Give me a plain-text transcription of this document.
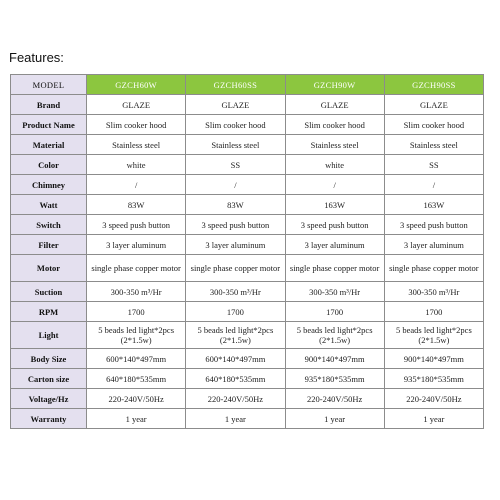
Features:
MODEL	GZCH60W	GZCH60SS	GZCH90W	GZCH90SS
Brand	GLAZE	GLAZE	GLAZE	GLAZE
Product Name	Slim cooker hood	Slim cooker hood	Slim cooker hood	Slim cooker hood
Material	Stainless steel	Stainless steel	Stainless steel	Stainless steel
Color	white	SS	white	SS
Chimney	/	/	/	/
Watt	83W	83W	163W	163W
Switch	3 speed push button	3 speed push button	3 speed push button	3 speed push button
Filter	3 layer aluminum	3 layer aluminum	3 layer aluminum	3 layer aluminum
Motor	single phase copper motor	single phase copper motor	single phase copper motor	single phase copper motor
Suction	300-350 m³/Hr	300-350 m³/Hr	300-350 m³/Hr	300-350 m³/Hr
RPM	1700	1700	1700	1700
Light	5 beads led light*2pcs (2*1.5w)	5 beads led light*2pcs (2*1.5w)	5 beads led light*2pcs (2*1.5w)	5 beads led light*2pcs (2*1.5w)
Body Size	600*140*497mm	600*140*497mm	900*140*497mm	900*140*497mm
Carton size	640*180*535mm	640*180*535mm	935*180*535mm	935*180*535mm
Voltage/Hz	220-240V/50Hz	220-240V/50Hz	220-240V/50Hz	220-240V/50Hz
Warranty	1 year	1 year	1 year	1 year
